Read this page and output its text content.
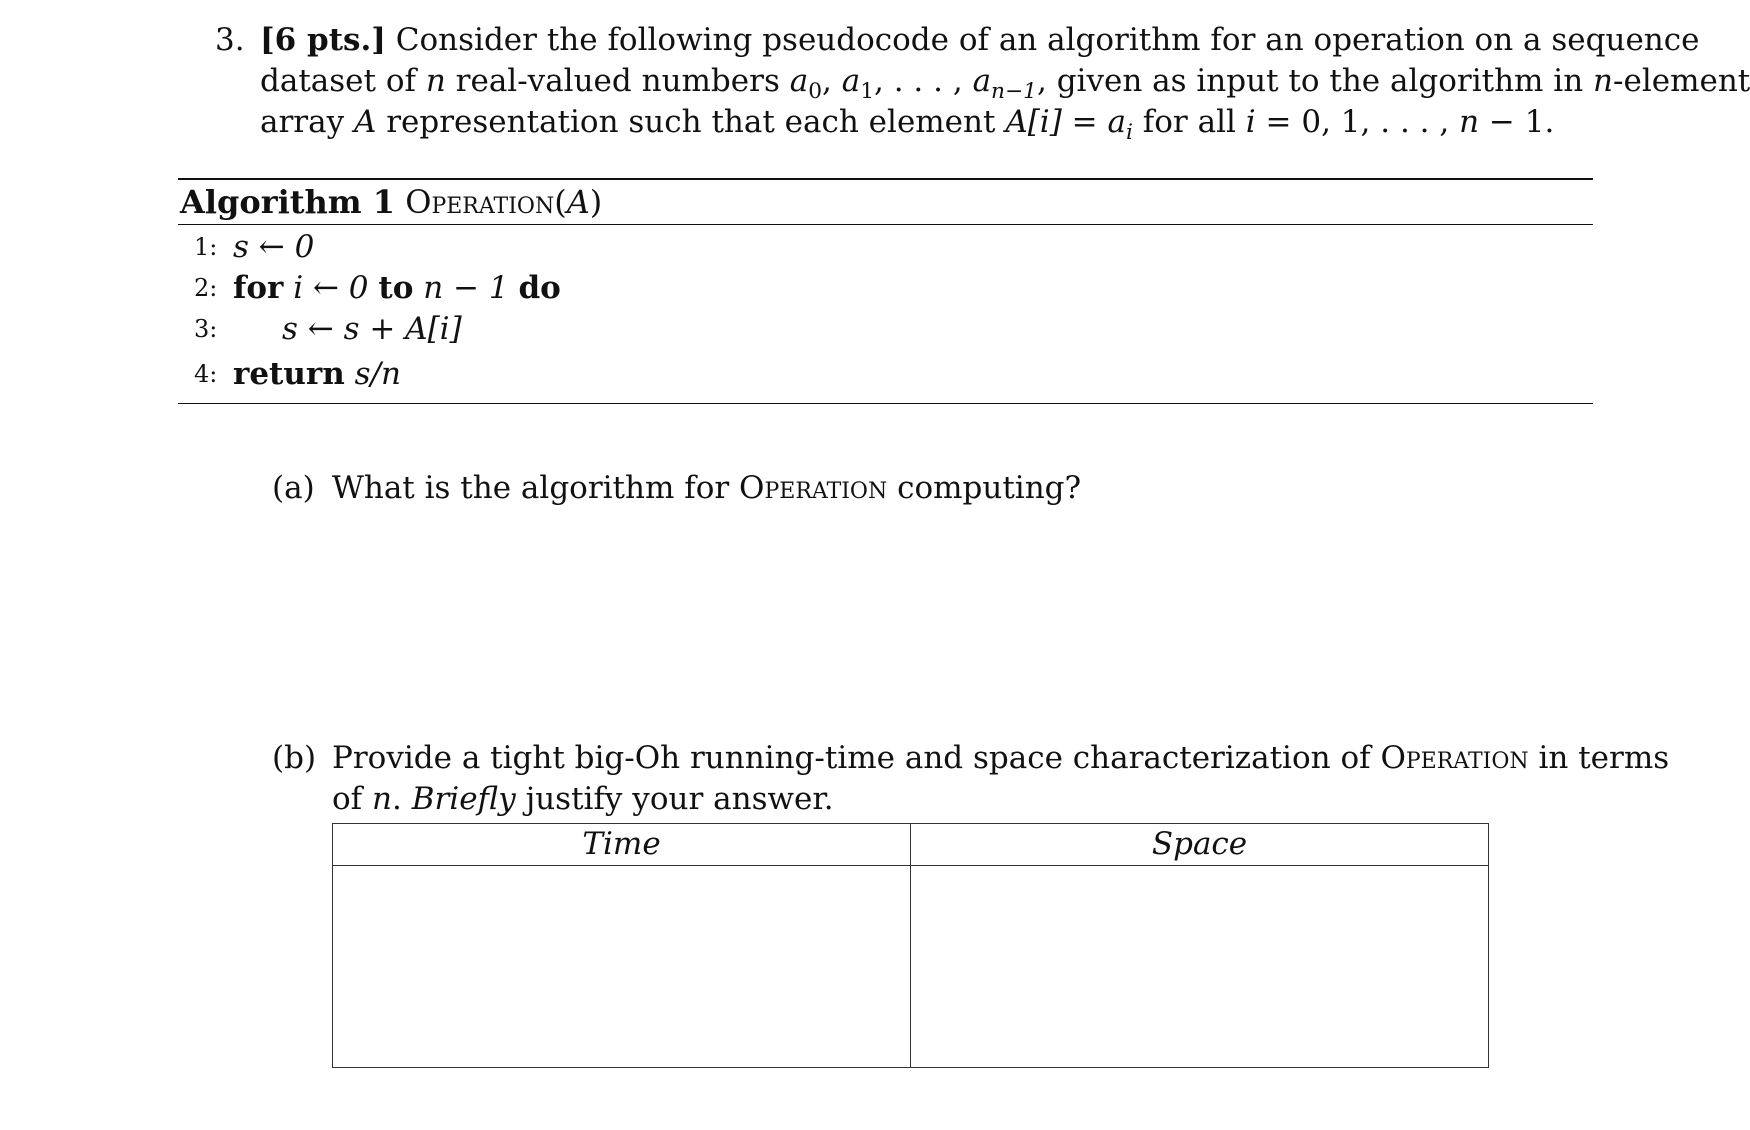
3. [6 pts.] Consider the following pseudocode of an algorithm for an operation on a sequence
dataset of n real-valued numbers $a_0$, $a_1$, . . . , $a_{n-1}$, given as input to the algorithm in n-element
array A representation such that each element $A[i] = a_i$ for all i = 0, 1, . . . , n − 1.
Algorithm 1 Operation(A)
1: s ← 0
2: for i ← 0 to n − 1 do
3: s ← s + A[i]
4: return s/n
(a) What is the algorithm for Operation computing?
(b) Provide a tight big-Oh running-time and space characterization of Operation in terms
of n. Briefly justify your answer.
Time	Space
